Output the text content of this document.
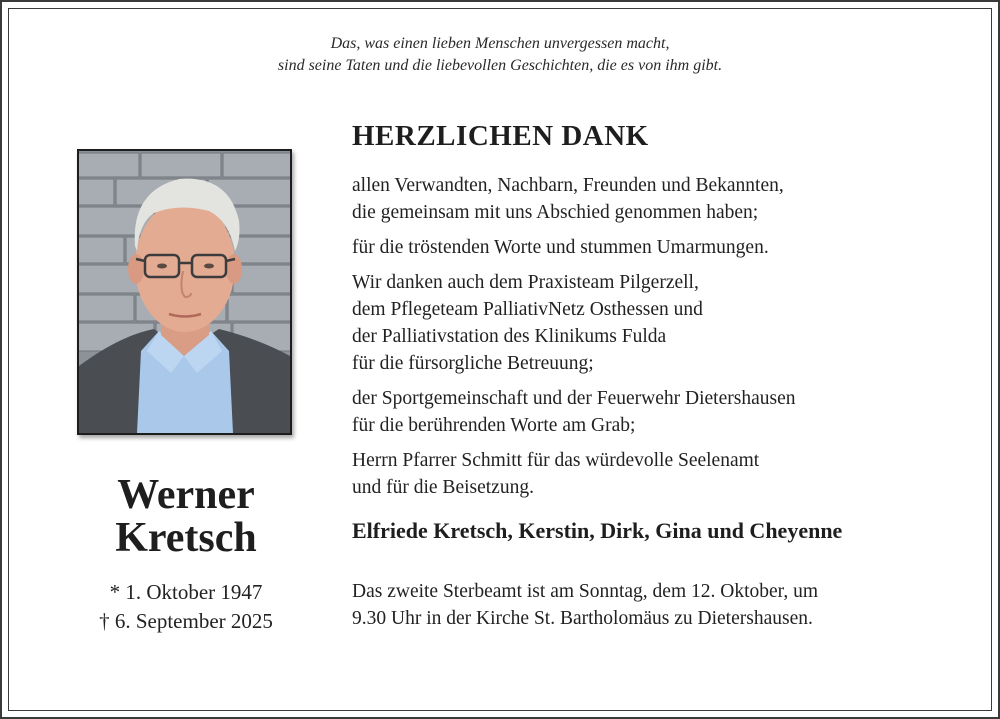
Das, was einen lieben Menschen unvergessen macht,
sind seine Taten und die liebevollen Geschichten, die es von ihm gibt.
Werner
Kretsch
* 1. Oktober 1947
† 6. September 2025
HERZLICHEN DANK
allen Verwandten, Nachbarn, Freunden und Bekannten,
die gemeinsam mit uns Abschied genommen haben;
für die tröstenden Worte und stummen Umarmungen.
Wir danken auch dem Praxisteam Pilgerzell,
dem Pflegeteam PalliativNetz Osthessen und
der Palliativstation des Klinikums Fulda
für die fürsorgliche Betreuung;
der Sportgemeinschaft und der Feuerwehr Dietershausen
für die berührenden Worte am Grab;
Herrn Pfarrer Schmitt für das würdevolle Seelenamt
und für die Beisetzung.
Elfriede Kretsch, Kerstin, Dirk, Gina und Cheyenne
Das zweite Sterbeamt ist am Sonntag, dem 12. Oktober, um
9.30 Uhr in der Kirche St. Bartholomäus zu Dietershausen.
